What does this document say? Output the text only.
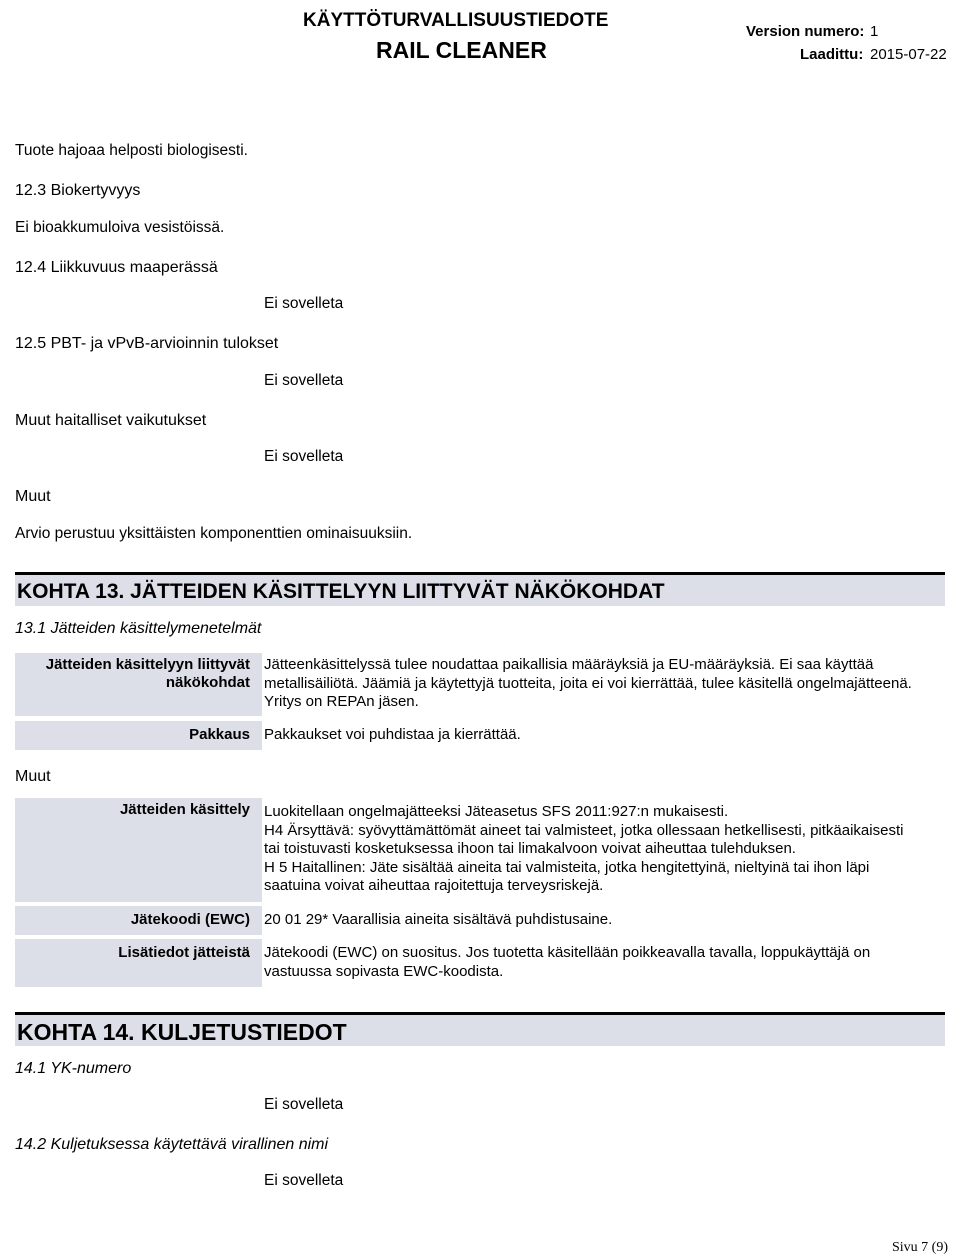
KÄYTTÖTURVALLISUUSTIEDOTE
RAIL CLEANER
Version numero: 1
Laadittu: 2015-07-22
Tuote hajoaa helposti biologisesti.
12.3 Biokertyvyys
Ei bioakkumuloiva vesistöissä.
12.4 Liikkuvuus maaperässä
Ei sovelleta
12.5 PBT- ja vPvB-arvioinnin tulokset
Ei sovelleta
Muut haitalliset vaikutukset
Ei sovelleta
Muut
Arvio perustuu yksittäisten komponenttien ominaisuuksiin.
KOHTA 13. JÄTTEIDEN KÄSITTELYYN LIITTYVÄT NÄKÖKOHDAT
13.1 Jätteiden käsittelymenetelmät
Jätteiden käsittelyyn liittyvät
näkökohdat
Jätteenkäsittelyssä tulee noudattaa paikallisia määräyksiä ja EU-määräyksiä. Ei saa käyttää
metallisäiliötä. Jäämiä ja käytettyjä tuotteita, joita ei voi kierrättää, tulee käsitellä ongelmajätteenä.
Yritys on REPAn jäsen.
Pakkaus Pakkaukset voi puhdistaa ja kierrättää.
Muut
Jätteiden käsittely Luokitellaan ongelmajätteeksi Jäteasetus SFS 2011:927:n mukaisesti.
H4 Ärsyttävä: syövyttämättömät aineet tai valmisteet, jotka ollessaan hetkellisesti, pitkäaikaisesti
tai toistuvasti kosketuksessa ihoon tai limakalvoon voivat aiheuttaa tulehduksen.
H 5 Haitallinen: Jäte sisältää aineita tai valmisteita, jotka hengitettyinä, nieltyinä tai ihon läpi
saatuina voivat aiheuttaa rajoitettuja terveysriskejä.
Jätekoodi (EWC) 20 01 29* Vaarallisia aineita sisältävä puhdistusaine.
Lisätiedot jätteistä Jätekoodi (EWC) on suositus. Jos tuotetta käsitellään poikkeavalla tavalla, loppukäyttäjä on
vastuussa sopivasta EWC-koodista.
KOHTA 14. KULJETUSTIEDOT
14.1 YK-numero
Ei sovelleta
14.2 Kuljetuksessa käytettävä virallinen nimi
Ei sovelleta
Sivu 7 (9)
